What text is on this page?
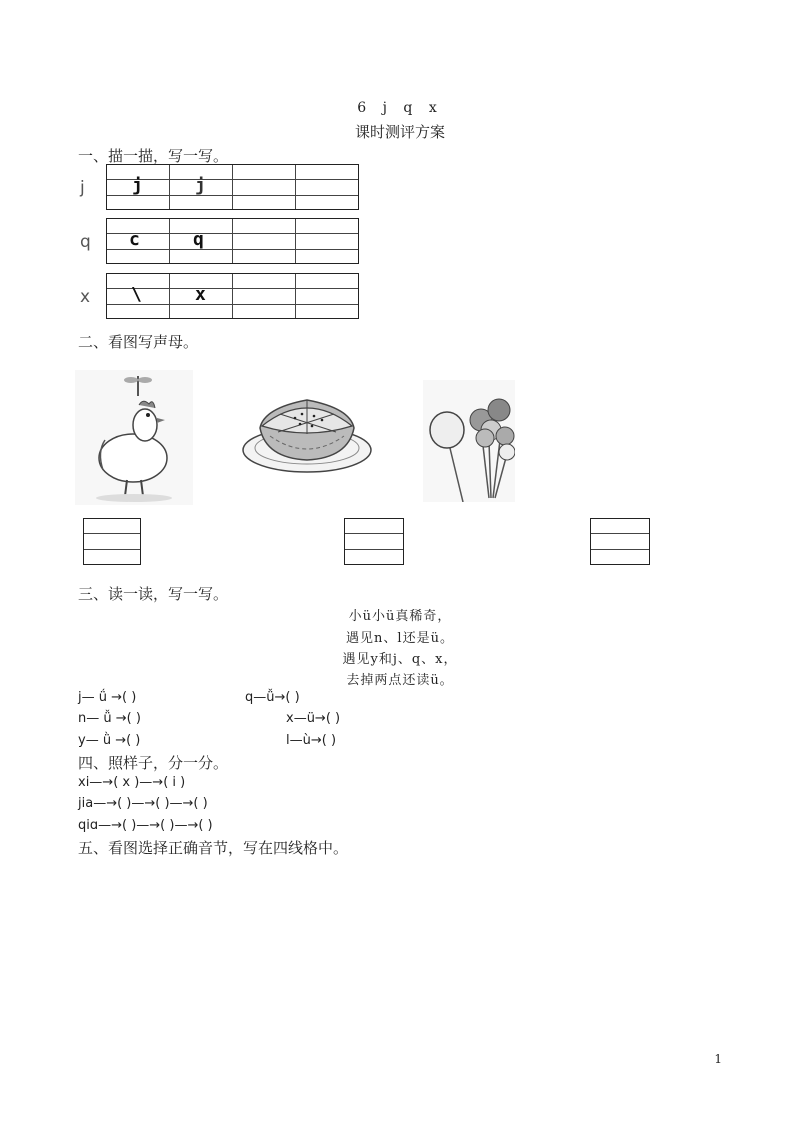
6 j q x
课时测评方案
一、描一描，写一写。
j	j	j
q c	q
x \	x
二、看图写声母。
三、读一读，写一写。
小ü小ü真稀奇，
遇见n、l还是ü。
遇见y和j、q、x，
去掉两点还读ü。
j— ǘ →( )	q—ǚ→( )
n— ǚ →( )	x—ü→( )
y— ǜ →( )	l—ù→( )
四、照样子，分一分。
xi—→( x )—→( i )
jia—→( )—→( )—→( )
qiɑ—→( )—→( )—→( )
五、看图选择正确音节，写在四线格中。
1
